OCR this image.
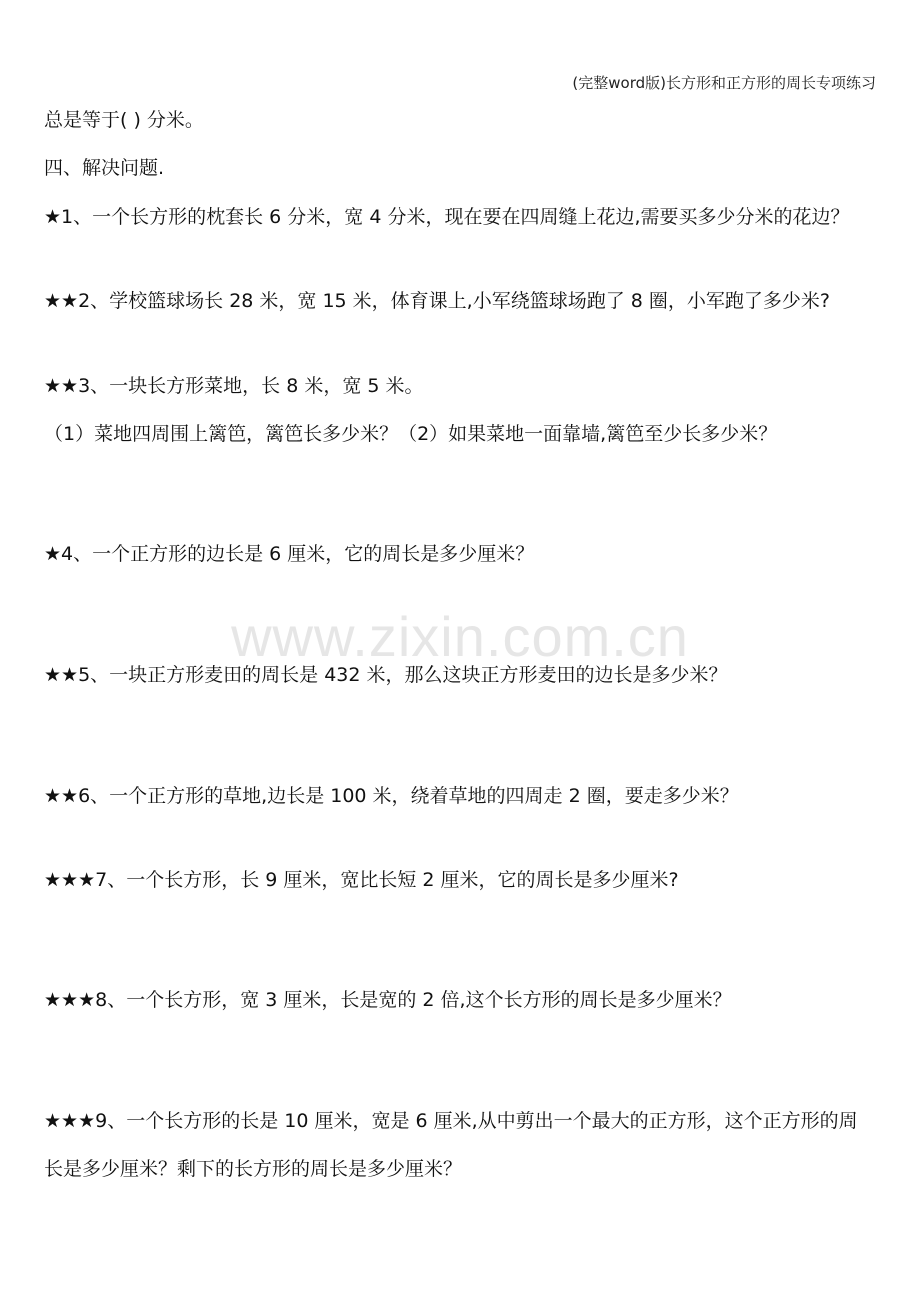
(完整word版)长方形和正方形的周长专项练习
总是等于( ) 分米。
四、解决问题.
★1、一个长方形的枕套长 6 分米，宽 4 分米，现在要在四周缝上花边,需要买多少分米的花边？
★★2、学校篮球场长 28 米，宽 15 米，体育课上,小军绕篮球场跑了 8 圈，小军跑了多少米?
★★3、一块长方形菜地，长 8 米，宽 5 米。
（1）菜地四周围上篱笆，篱笆长多少米？（2）如果菜地一面靠墙,篱笆至少长多少米？
★4、一个正方形的边长是 6 厘米，它的周长是多少厘米？
★★5、一块正方形麦田的周长是 432 米，那么这块正方形麦田的边长是多少米？
★★6、一个正方形的草地,边长是 100 米，绕着草地的四周走 2 圈，要走多少米？
★★★7、一个长方形，长 9 厘米，宽比长短 2 厘米，它的周长是多少厘米?
★★★8、一个长方形，宽 3 厘米，长是宽的 2 倍,这个长方形的周长是多少厘米？
★★★9、一个长方形的长是 10 厘米，宽是 6 厘米,从中剪出一个最大的正方形，这个正方形的周
长是多少厘米？剩下的长方形的周长是多少厘米？
www.zixin.com.cn
